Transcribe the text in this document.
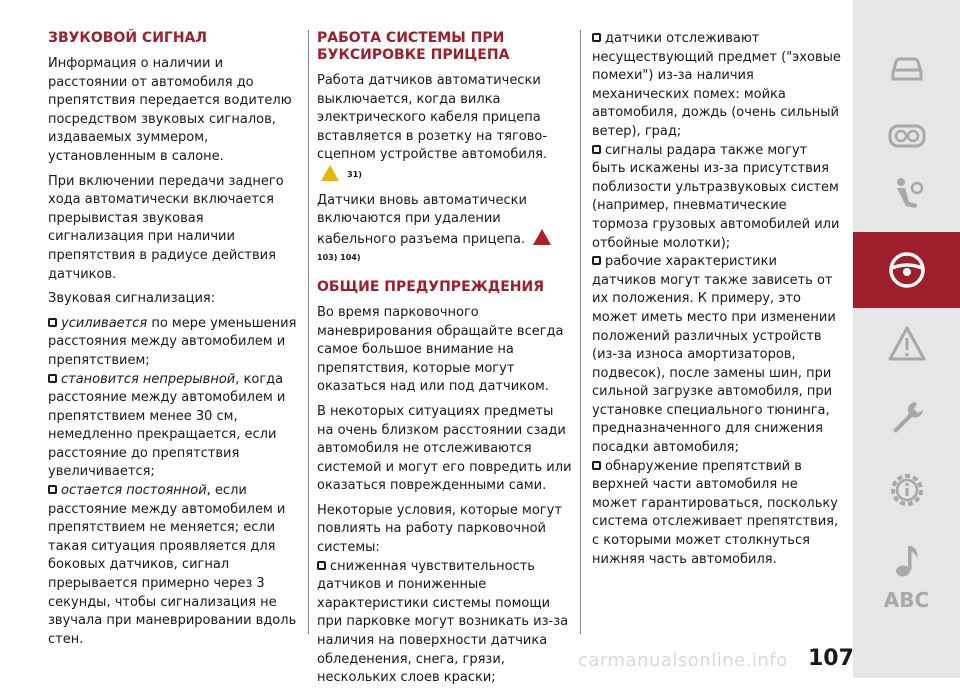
ЗВУКОВОЙ СИГНАЛ

Информация о наличии и расстоянии от автомобиля до препятствия передается водителю посредством звуковых сигналов, издаваемых зуммером, установленным в салоне.

При включении передачи заднего хода автоматически включается прерывистая звуковая сигнализация при наличии препятствия в радиусе действия датчиков.

Звуковая сигнализация:

усиливается по мере уменьшения расстояния между автомобилем и препятствием;
становится непрерывной, когда расстояние между автомобилем и препятствием менее 30 см, немедленно прекращается, если расстояние до препятствия увеличивается;
остается постоянной, если расстояние между автомобилем и препятствием не меняется; если такая ситуация проявляется для боковых датчиков, сигнал прерывается примерно через 3 секунды, чтобы сигнализация не звучала при маневрировании вдоль стен.
РАБОТА СИСТЕМЫ ПРИ БУКСИРОВКЕ ПРИЦЕПА

Работа датчиков автоматически выключается, когда вилка электрического кабеля прицепа вставляется в розетку на тягово-сцепном устройстве автомобиля.  31)

Датчики вновь автоматически включаются при удалении кабельного разъема прицепа.  103) 104)

ОБЩИЕ ПРЕДУПРЕЖДЕНИЯ

Во время парковочного маневрирования обращайте всегда самое большое внимание на препятствия, которые могут оказаться над или под датчиком.

В некоторых ситуациях предметы на очень близком расстоянии сзади автомобиля не отслеживаются системой и могут его повредить или оказаться поврежденными сами.

Некоторые условия, которые могут повлиять на работу парковочной системы:

сниженная чувствительность датчиков и пониженные характеристики системы помощи при парковке могут возникать из-за наличия на поверхности датчика обледенения, снега, грязи, нескольких слоев краски;
датчики отслеживают несуществующий предмет ("эховые помехи") из-за наличия механических помех: мойка автомобиля, дождь (очень сильный ветер), град;
сигналы радара также могут быть искажены из-за присутствия поблизости ультразвуковых систем (например, пневматические тормоза грузовых автомобилей или отбойные молотки);
рабочие характеристики датчиков могут также зависеть от их положения. К примеру, это может иметь место при изменении положений различных устройств (из-за износа амортизаторов, подвесок), после замены шин, при сильной загрузке автомобиля, при установке специального тюнинга, предназначенного для снижения посадки автомобиля;
обнаружение препятствий в верхней части автомобиля не может гарантироваться, поскольку система отслеживает препятствия, с которыми может столкнуться нижняя часть автомобиля.
ABC
carmanualsonline.info 107
